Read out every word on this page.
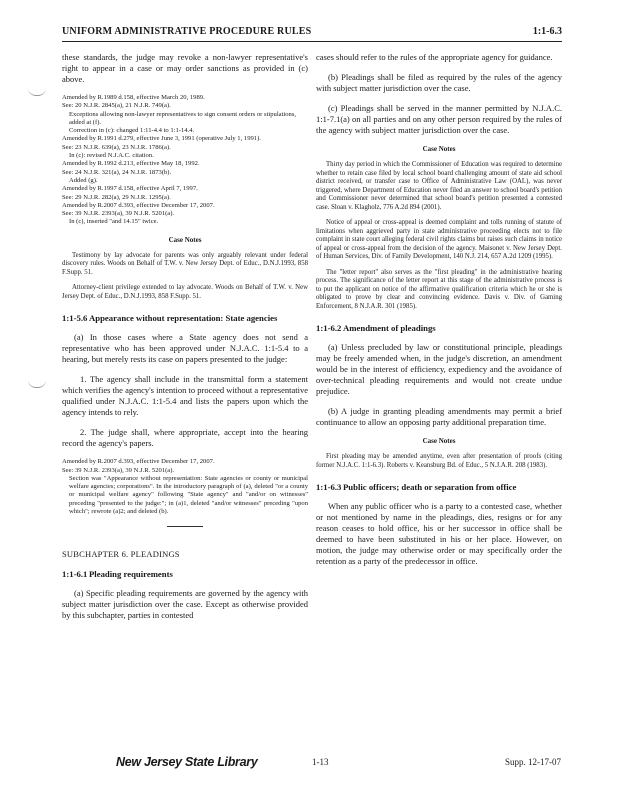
UNIFORM ADMINISTRATIVE PROCEDURE RULES	1:1-6.3
these standards, the judge may revoke a non-lawyer representative's right to appear in a case or may order sanctions as provided in (c) above.
Amended by R.1989 d.158, effective March 20, 1989.
See: 20 N.J.R. 2845(a), 21 N.J.R. 749(a).
Exceptions allowing non-lawyer representatives to sign consent orders or stipulations, added at (f).
Correction in (c): changed 1:11-4.4 to 1:1-14.4.
Amended by R.1991 d.279, effective June 3, 1991 (operative July 1, 1991).
See: 23 N.J.R. 639(a), 23 N.J.R. 1786(a).
In (c): revised N.J.A.C. citation.
Amended by R.1992 d.213, effective May 18, 1992.
See: 24 N.J.R. 321(a), 24 N.J.R. 1873(b).
Added (g).
Amended by R.1997 d.158, effective April 7, 1997.
See: 29 N.J.R. 282(a), 29 N.J.R. 1295(a).
Amended by R.2007 d.393, effective December 17, 2007.
See: 39 N.J.R. 2393(a), 39 N.J.R. 5201(a).
In (c), inserted "and 14.15" twice.
Case Notes
Testimony by lay advocate for parents was only arguably relevant under federal discovery rules. Woods on Behalf of T.W. v. New Jersey Dept. of Educ., D.N.J.1993, 858 F.Supp. 51.
Attorney-client privilege extended to lay advocate. Woods on Behalf of T.W. v. New Jersey Dept. of Educ., D.N.J.1993, 858 F.Supp. 51.
1:1-5.6 Appearance without representation: State agencies
(a) In those cases where a State agency does not send a representative who has been approved under N.J.A.C. 1:1-5.4 to a hearing, but merely rests its case on papers presented to the judge:
1. The agency shall include in the transmittal form a statement which verifies the agency's intention to proceed without a representative qualified under N.J.A.C. 1:1-5.4 and lists the papers upon which the agency intends to rely.
2. The judge shall, where appropriate, accept into the hearing record the agency's papers.
Amended by R.2007 d.393, effective December 17, 2007.
See: 39 N.J.R. 2393(a), 39 N.J.R. 5201(a).
Section was "Appearance without representation: State agencies or county or municipal welfare agencies; corporations". In the introductory paragraph of (a), deleted "or a county or municipal welfare agency" following "State agency" and "and/or on witnesses" preceding "presented to the judge:"; in (a)1, deleted "and/or witnesses" preceding "upon which"; rewrote (a)2; and deleted (b).
SUBCHAPTER 6. PLEADINGS
1:1-6.1 Pleading requirements
(a) Specific pleading requirements are governed by the agency with subject matter jurisdiction over the case. Except as otherwise provided by this subchapter, parties in contested
cases should refer to the rules of the appropriate agency for guidance.
(b) Pleadings shall be filed as required by the rules of the agency with subject matter jurisdiction over the case.
(c) Pleadings shall be served in the manner permitted by N.J.A.C. 1:1-7.1(a) on all parties and on any other person required by the rules of the agency with subject matter jurisdiction over the case.
Case Notes
Thirty day period in which the Commissioner of Education was required to determine whether to retain case filed by local school board challenging amount of state aid school district received, or transfer case to Office of Administrative Law (OAL), was never triggered, where Department of Education never filed an answer to school board's petition and Commissioner never determined that school board's petition presented a contested case. Sloan v. Klagholz, 776 A.2d 894 (2001).
Notice of appeal or cross-appeal is deemed complaint and tolls running of statute of limitations when aggrieved party in state administrative proceeding elects not to file complaint in state court alleging federal civil rights claims but raises such claims in notice of appeal or cross-appeal from the decision of the agency. Maisonet v. New Jersey Dept. of Human Services, Div. of Family Development, 140 N.J. 214, 657 A.2d 1209 (1995).
The "letter report" also serves as the "first pleading" in the administrative hearing process. The significance of the letter report at this stage of the administrative process is to put the applicant on notice of the affirmative qualification criteria which he or she is obligated to prove by clear and convincing evidence. Davis v. Div. of Gaming Enforcement, 8 N.J.A.R. 301 (1985).
1:1-6.2 Amendment of pleadings
(a) Unless precluded by law or constitutional principle, pleadings may be freely amended when, in the judge's discretion, an amendment would be in the interest of efficiency, expediency and the avoidance of over-technical pleading requirements and would not create undue prejudice.
(b) A judge in granting pleading amendments may permit a brief continuance to allow an opposing party additional preparation time.
Case Notes
First pleading may be amended anytime, even after presentation of proofs (citing former N.J.A.C. 1:1-6.3). Roberts v. Keansburg Bd. of Educ., 5 N.J.A.R. 208 (1983).
1:1-6.3 Public officers; death or separation from office
When any public officer who is a party to a contested case, whether or not mentioned by name in the pleadings, dies, resigns or for any reason ceases to hold office, his or her successor in office shall be deemed to have been substituted in his or her place. However, on motion, the judge may otherwise order or may specifically order the retention as a party of the predecessor in office.
New Jersey State Library	1-13	Supp. 12-17-07
